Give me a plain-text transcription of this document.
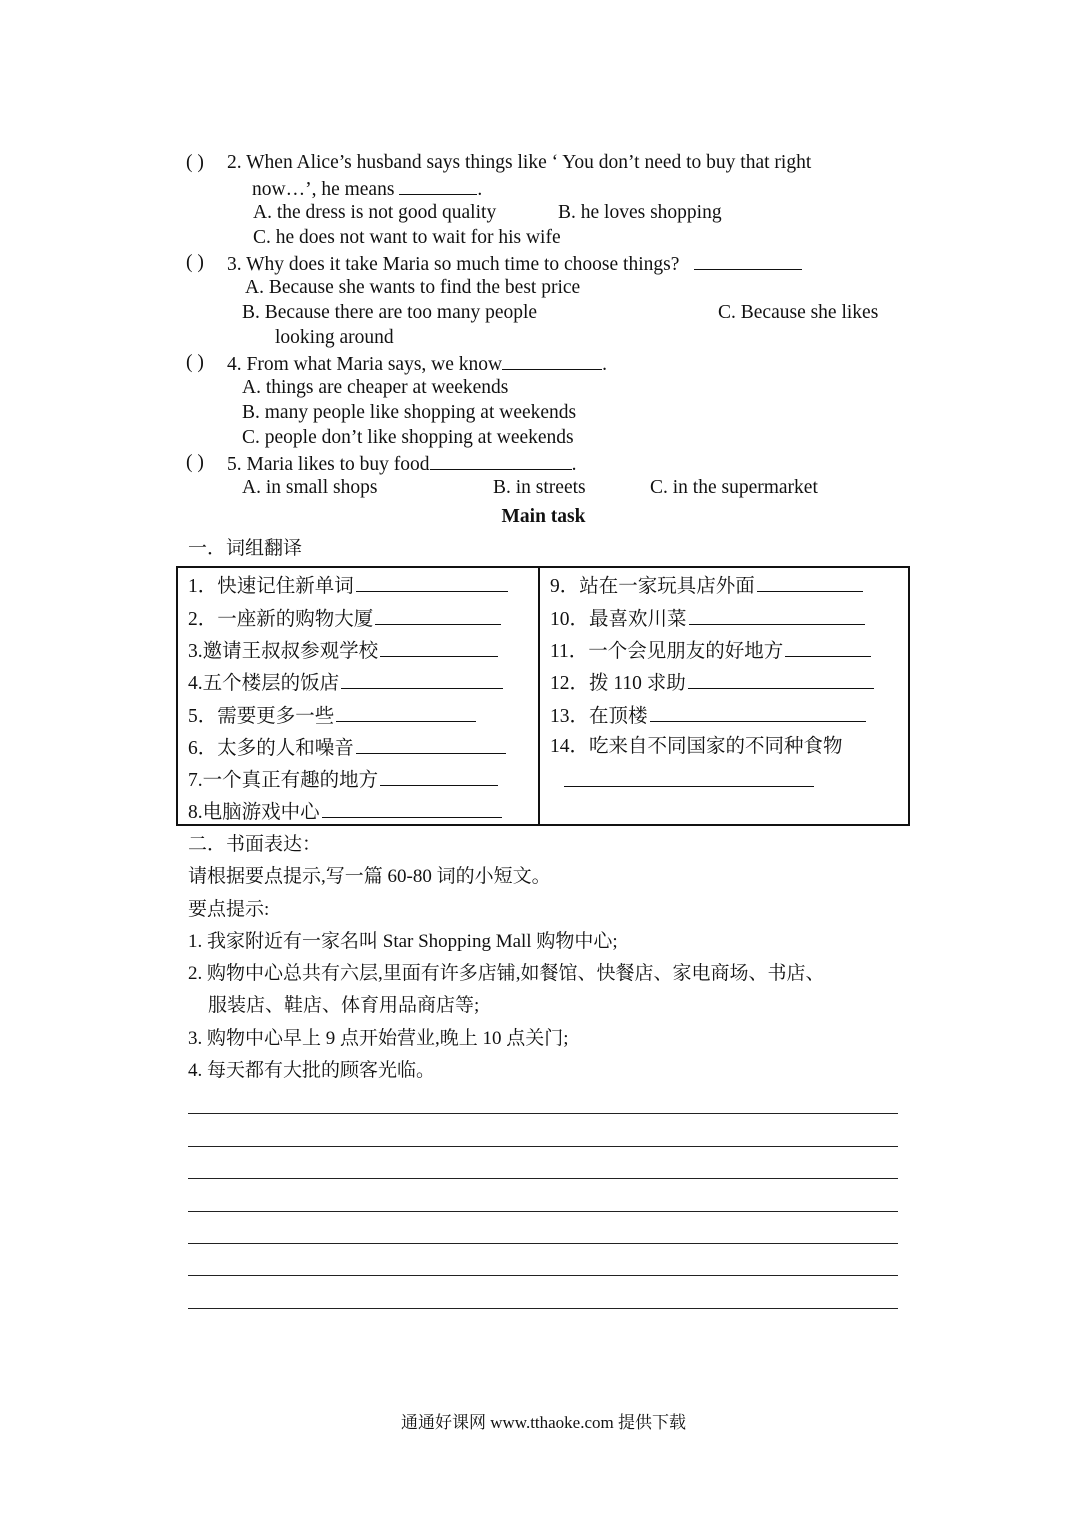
( ) 2. When Alice’s husband says things like ‘ You don’t need to buy that right
now…’, he means	.
A. the dress is not good quality	B. he loves shopping
C. he does not want to wait for his wife
( ) 3. Why does it take Maria so much time to choose things?
A. Because she wants to find the best price
B. Because there are too many people	C. Because she likes
looking around
( ) 4. From what Maria says, we know	.
A. things are cheaper at weekends
B. many people like shopping at weekends
C. people don’t like shopping at weekends
( ) 5. Maria likes to buy food	.
A. in small shops	B. in streets	C. in the supermarket
Main task
一．词组翻译
1．快速记住新单词
2．一座新的购物大厦
3.邀请王叔叔参观学校
4.五个楼层的饭店
5．需要更多一些
6．太多的人和噪音
7.一个真正有趣的地方
8.电脑游戏中心
9．站在一家玩具店外面
10．最喜欢川菜
11．一个会见朋友的好地方
12．拨 110 求助
13．在顶楼
14．吃来自不同国家的不同种食物
二．书面表达：
请根据要点提示,写一篇 60-80 词的小短文。
要点提示:
1. 我家附近有一家名叫 Star Shopping Mall 购物中心;
2. 购物中心总共有六层,里面有许多店铺,如餐馆、快餐店、家电商场、书店、
服装店、鞋店、体育用品商店等;
3. 购物中心早上 9 点开始营业,晚上 10 点关门;
4. 每天都有大批的顾客光临。
通通好课网 www.tthaoke.com 提供下载
